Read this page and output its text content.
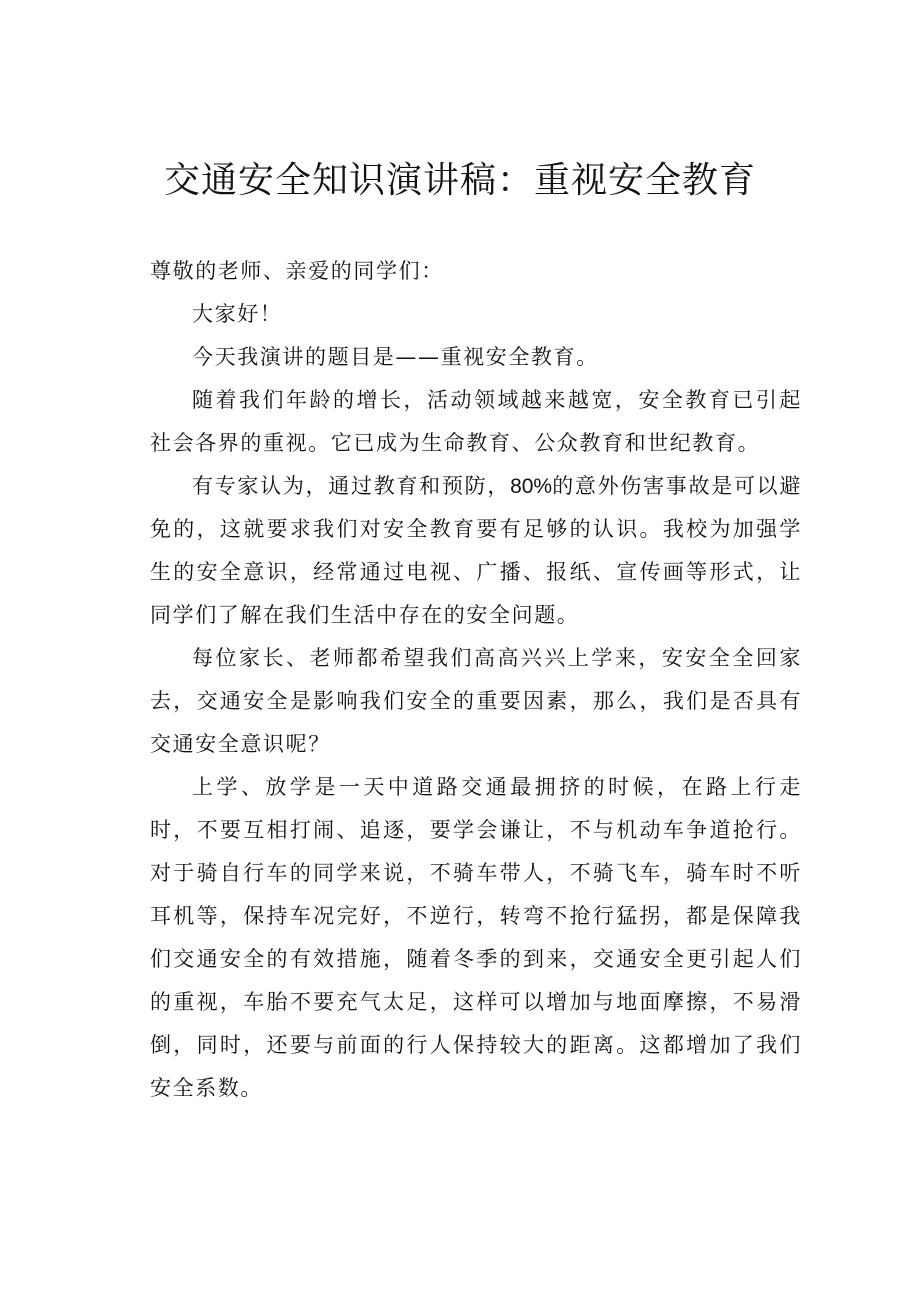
交通安全知识演讲稿：重视安全教育

尊敬的老师、亲爱的同学们：

大家好！

今天我演讲的题目是——重视安全教育。

随着我们年龄的增长，活动领域越来越宽，安全教育已引起社会各界的重视。它已成为生命教育、公众教育和世纪教育。

有专家认为，通过教育和预防，80%的意外伤害事故是可以避免的，这就要求我们对安全教育要有足够的认识。我校为加强学生的安全意识，经常通过电视、广播、报纸、宣传画等形式，让同学们了解在我们生活中存在的安全问题。

每位家长、老师都希望我们高高兴兴上学来，安安全全回家去，交通安全是影响我们安全的重要因素，那么，我们是否具有交通安全意识呢？

上学、放学是一天中道路交通最拥挤的时候，在路上行走时，不要互相打闹、追逐，要学会谦让，不与机动车争道抢行。对于骑自行车的同学来说，不骑车带人，不骑飞车，骑车时不听耳机等，保持车况完好，不逆行，转弯不抢行猛拐，都是保障我们交通安全的有效措施，随着冬季的到来，交通安全更引起人们的重视，车胎不要充气太足，这样可以增加与地面摩擦，不易滑倒，同时，还要与前面的行人保持较大的距离。这都增加了我们安全系数。
